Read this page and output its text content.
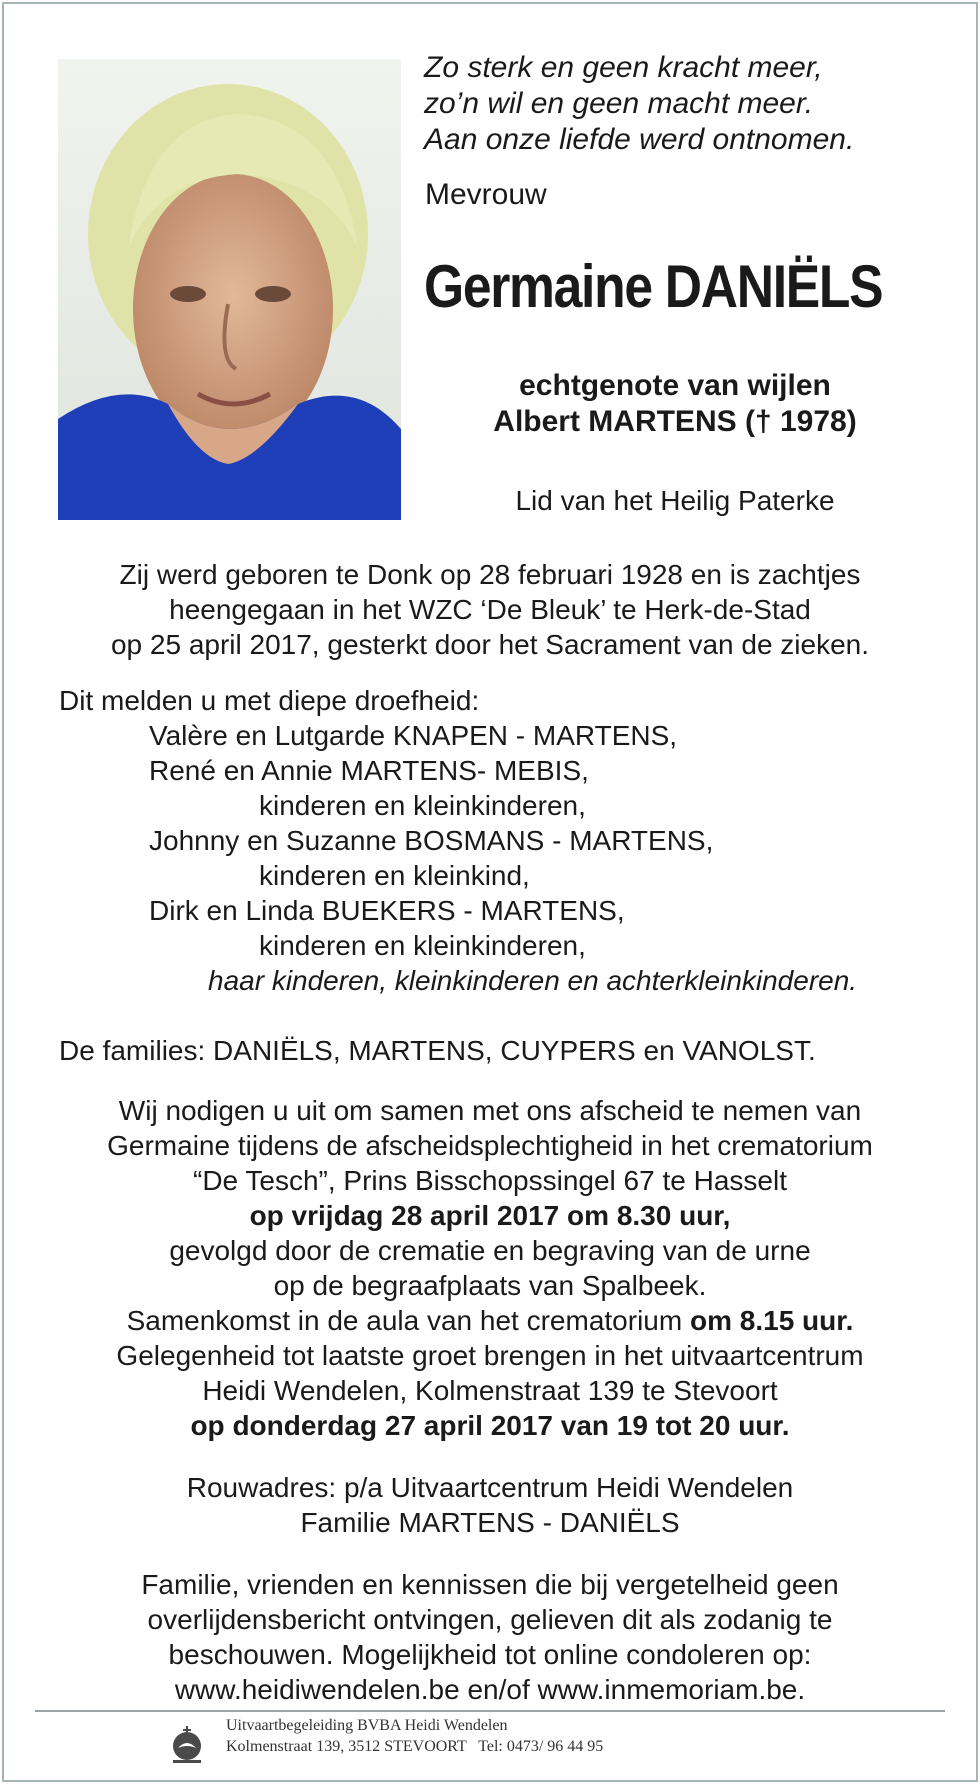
Zo sterk en geen kracht meer,
zo’n wil en geen macht meer.
Aan onze liefde werd ontnomen.
Mevrouw
Germaine DANIËLS
echtgenote van wijlen
Albert MARTENS († 1978)
Lid van het Heilig Paterke
Zij werd geboren te Donk op 28 februari 1928 en is zachtjes
heengegaan in het WZC ‘De Bleuk’ te Herk-de-Stad
op 25 april 2017, gesterkt door het Sacrament van de zieken.
Dit melden u met diepe droefheid:
Valère en Lutgarde KNAPEN - MARTENS,
René en Annie MARTENS- MEBIS,
kinderen en kleinkinderen,
Johnny en Suzanne BOSMANS - MARTENS,
kinderen en kleinkind,
Dirk en Linda BUEKERS - MARTENS,
kinderen en kleinkinderen,
haar kinderen, kleinkinderen en achterkleinkinderen.
De families: DANIËLS, MARTENS, CUYPERS en VANOLST.
Wij nodigen u uit om samen met ons afscheid te nemen van
Germaine tijdens de afscheidsplechtigheid in het crematorium
“De Tesch”, Prins Bisschopssingel 67 te Hasselt
op vrijdag 28 april 2017 om 8.30 uur,
gevolgd door de crematie en begraving van de urne
op de begraafplaats van Spalbeek.
Samenkomst in de aula van het crematorium om 8.15 uur.
Gelegenheid tot laatste groet brengen in het uitvaartcentrum
Heidi Wendelen, Kolmenstraat 139 te Stevoort
op donderdag 27 april 2017 van 19 tot 20 uur.
Rouwadres: p/a Uitvaartcentrum Heidi Wendelen
Familie MARTENS - DANIËLS
Familie, vrienden en kennissen die bij vergetelheid geen
overlijdensbericht ontvingen, gelieven dit als zodanig te
beschouwen. Mogelijkheid tot online condoleren op:
www.heidiwendelen.be en/of www.inmemoriam.be.
Uitvaartbegeleiding BVBA Heidi Wendelen
Kolmenstraat 139, 3512 STEVOORT   Tel: 0473/ 96 44 95
